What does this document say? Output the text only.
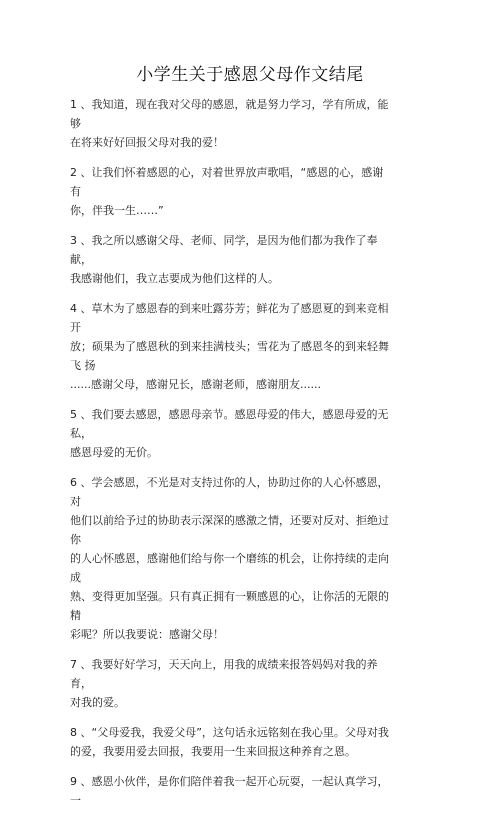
小学生关于感恩父母作文结尾

1 、我知道，现在我对父母的感恩，就是努力学习，学有所成，能够
在将来好好回报父母对我的爱！

2 、让我们怀着感恩的心，对着世界放声歌唱，“感恩的心，感谢有
你，伴我一生……”

3 、我之所以感谢父母、老师、同学，是因为他们都为我作了奉献，
我感谢他们，我立志要成为他们这样的人。

4 、草木为了感恩春的到来吐露芬芳；鲜花为了感恩夏的到来竞相开
放；硕果为了感恩秋的到来挂满枝头；雪花为了感恩冬的到来轻舞飞 扬
......感谢父母，感谢兄长，感谢老师，感谢朋友......

5 、我们要去感恩，感恩母亲节。感恩母爱的伟大，感恩母爱的无私，
感恩母爱的无价。

6 、学会感恩，不光是对支持过你的人，协助过你的人心怀感恩，对
他们以前给予过的协助表示深深的感激之情，还要对反对、拒绝过你
的人心怀感恩，感谢他们给与你一个磨练的机会，让你持续的走向成
熟、变得更加坚强。只有真正拥有一颗感恩的心，让你活的无限的精
彩呢？所以我要说：感谢父母！

7 、我要好好学习，天天向上，用我的成绩来报答妈妈对我的养育，
对我的爱。

8 、“父母爱我，我爱父母”，这句话永远铭刻在我心里。父母对我
的爱，我要用爱去回报，我要用一生来回报这种养育之恩。

9 、感恩小伙伴，是你们陪伴着我一起开心玩耍，一起认真学习，一
